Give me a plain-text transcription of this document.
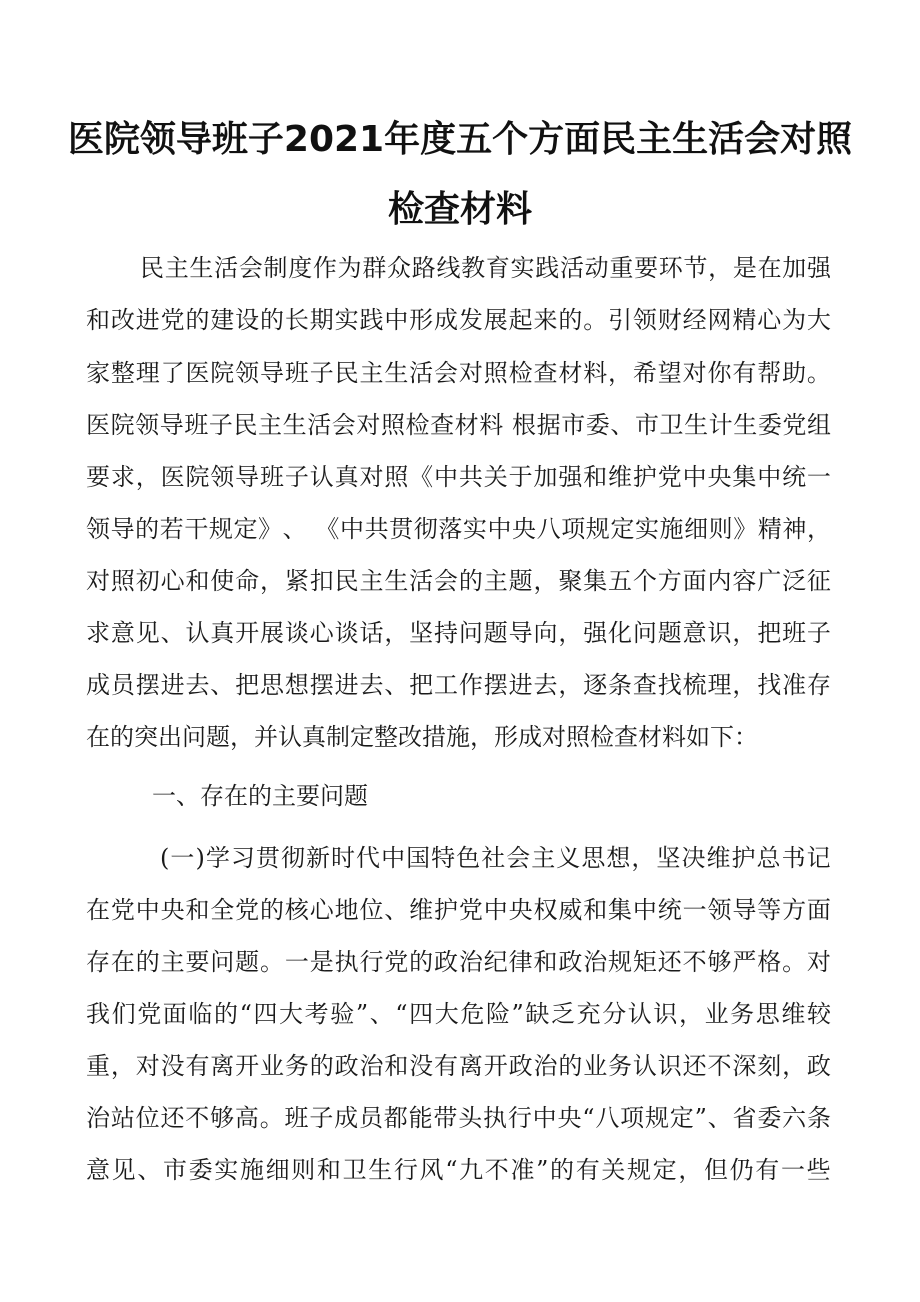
医院领导班子2021年度五个方面民主生活会对照
检查材料

民 主 生 活 会 制 度 作 为 群 众 路 线 教 育 实 践 活 动 重 要 环 节 ， 是 在 加 强

和 改 进 党 的 建 设 的 长 期 实 践 中 形 成 发 展 起 来 的 。 引 领 财 经 网 精 心 为 大

家 整 理 了 医 院 领 导 班 子 民 主 生 活 会 对 照 检 查 材 料 ， 希 望 对 你 有 帮 助 。

医 院 领 导 班 子 民 主 生 活 会 对 照 检 查 材 料
根 据 市 委 、 市 卫 生 计 生 委 党 组

要 求 ， 医 院 领 导 班 子 认 真 对 照 《 中 共 关 于 加 强 和 维 护 党 中 央 集 中 统 一

领 导 的 若 干 规 定 》 、
《 中 共 贯 彻 落 实 中 央 八 项 规 定 实 施 细 则 》 精 神 ，

对 照 初 心 和 使 命 ， 紧 扣 民 主 生 活 会 的 主 题 ， 聚 集 五 个 方 面 内 容 广 泛 征

求 意 见 、 认 真 开 展 谈 心 谈 话 ， 坚 持 问 题 导 向 ， 强 化 问 题 意 识 ， 把 班 子

成 员 摆 进 去 、 把 思 想 摆 进 去 、 把 工 作 摆 进 去 ， 逐 条 查 找 梳 理 ， 找 准 存

在的突出问题，并认真制定整改措施，形成对照检查材料如下：

一、存在的主要问题

( 一 ) 学 习 贯 彻 新 时 代 中 国 特 色 社 会 主 义 思 想 ， 坚 决 维 护 总 书 记

在 党 中 央 和 全 党 的 核 心 地 位 、 维 护 党 中 央 权 威 和 集 中 统 一 领 导 等 方 面

存 在 的 主 要 问 题 。 一 是 执 行 党 的 政 治 纪 律 和 政 治 规 矩 还 不 够 严 格 。 对

我 们 党 面 临 的 “ 四 大 考 验 ” 、 “ 四 大 危 险 ” 缺 乏 充 分 认 识 ， 业 务 思 维 较

重 ， 对 没 有 离 开 业 务 的 政 治 和 没 有 离 开 政 治 的 业 务 认 识 还 不 深 刻 ， 政

治 站 位 还 不 够 高 。 班 子 成 员 都 能 带 头 执 行 中 央 “ 八 项 规 定 ” 、 省 委 六 条

意 见 、 市 委 实 施 细 则 和 卫 生 行 风 “ 九 不 准 ” 的 有 关 规 定 ， 但 仍 有 一 些
